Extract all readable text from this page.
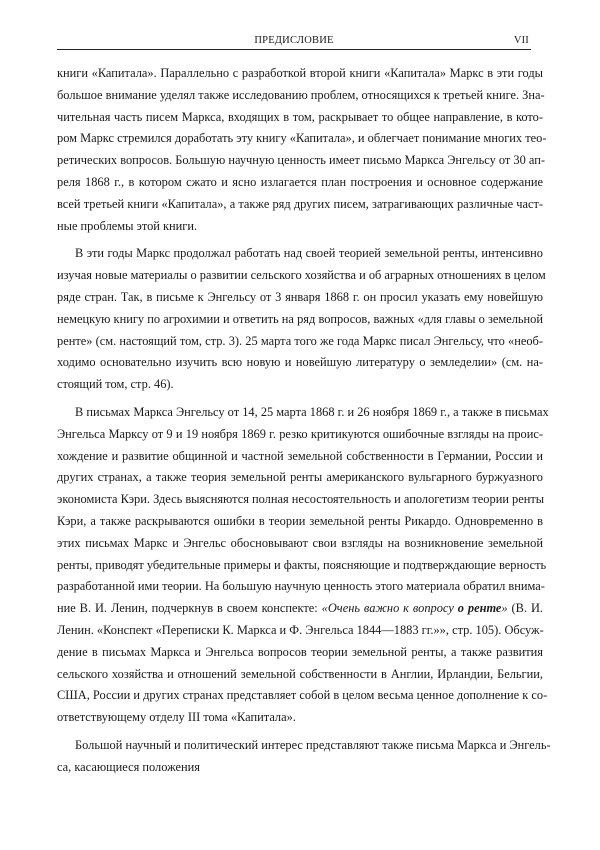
ПРЕДИСЛОВИЕ	VII
книги «Капитала». Параллельно с разработкой второй книги «Капитала» Маркс в эти годы
большое внимание уделял также исследованию проблем, относящихся к третьей книге. Зна-
чительная часть писем Маркса, входящих в том, раскрывает то общее направление, в кото-
ром Маркс стремился доработать эту книгу «Капитала», и облегчает понимание многих тео-
ретических вопросов. Большую научную ценность имеет письмо Маркса Энгельсу от 30 ап-
реля 1868 г., в котором сжато и ясно излагается план построения и основное содержание
всей третьей книги «Капитала», а также ряд других писем, затрагивающих различные част-
ные проблемы этой книги.
В эти годы Маркс продолжал работать над своей теорией земельной ренты, интенсивно
изучая новые материалы о развитии сельского хозяйства и об аграрных отношениях в целом
ряде стран. Так, в письме к Энгельсу от 3 января 1868 г. он просил указать ему новейшую
немецкую книгу по агрохимии и ответить на ряд вопросов, важных «для главы о земельной
ренте» (см. настоящий том, стр. 3). 25 марта того же года Маркс писал Энгельсу, что «необ-
ходимо основательно изучить всю новую и новейшую литературу о земледелии» (см. на-
стоящий том, стр. 46).
В письмах Маркса Энгельсу от 14, 25 марта 1868 г. и 26 ноября 1869 г., а также в письмах
Энгельса Марксу от 9 и 19 ноября 1869 г. резко критикуются ошибочные взгляды на проис-
хождение и развитие общинной и частной земельной собственности в Германии, России и
других странах, а также теория земельной ренты американского вульгарного буржуазного
экономиста Кэри. Здесь выясняются полная несостоятельность и апологетизм теории ренты
Кэри, а также раскрываются ошибки в теории земельной ренты Рикардо. Одновременно в
этих письмах Маркс и Энгельс обосновывают свои взгляды на возникновение земельной
ренты, приводят убедительные примеры и факты, поясняющие и подтверждающие верность
разработанной ими теории. На большую научную ценность этого материала обратил внима-
ние В. И. Ленин, подчеркнув в своем конспекте: «Очень важно к вопросу о ренте» (В. И.
Ленин. «Конспект «Переписки К. Маркса и Ф. Энгельса 1844—1883 гг.»», стр. 105). Обсуж-
дение в письмах Маркса и Энгельса вопросов теории земельной ренты, а также развития
сельского хозяйства и отношений земельной собственности в Англии, Ирландии, Бельгии,
США, России и других странах представляет собой в целом весьма ценное дополнение к со-
ответствующему отделу III тома «Капитала».
Большой научный и политический интерес представляют также письма Маркса и Энгель-
са, касающиеся положения
